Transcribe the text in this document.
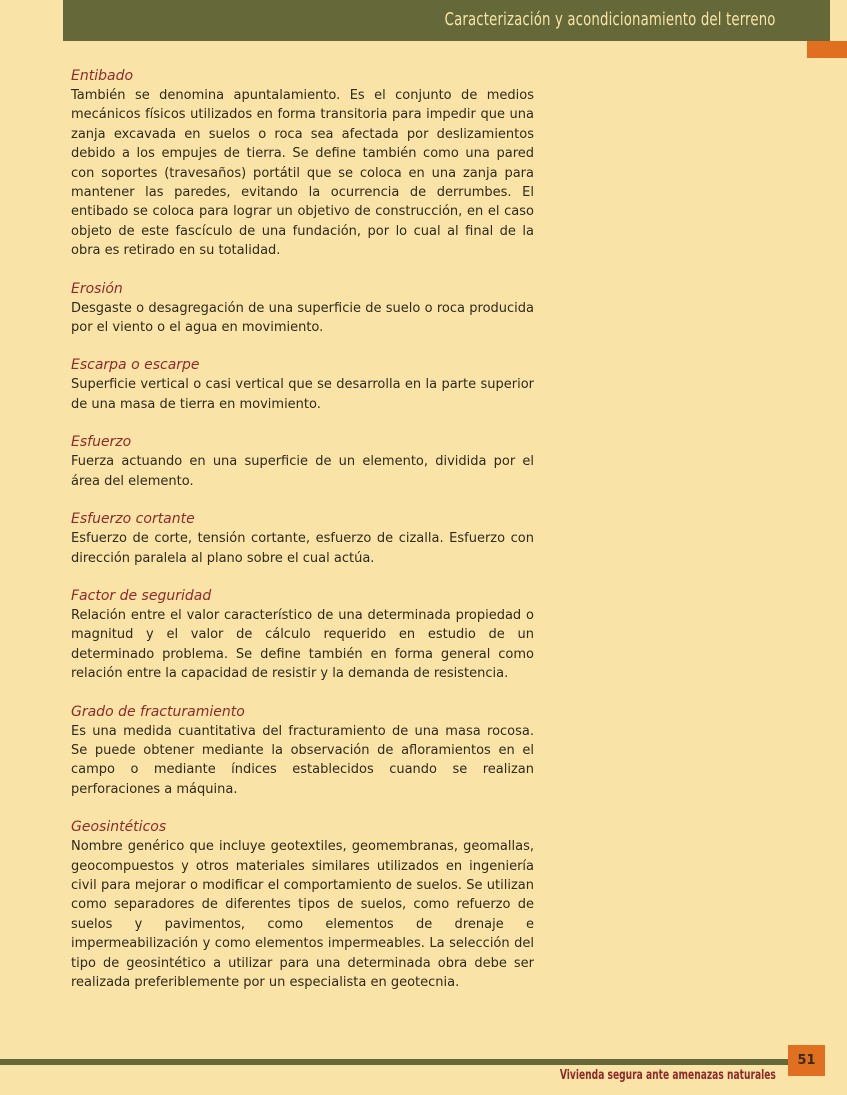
Caracterización y acondicionamiento del terreno
Entibado
También se denomina apuntalamiento. Es el conjunto de medios mecánicos físicos utilizados en forma transitoria para impedir que una zanja excavada en suelos o roca sea afectada por deslizamientos debido a los empujes de tierra. Se define también como una pared con soportes (travesaños) portátil que se coloca en una zanja para mantener las paredes, evitando la ocurrencia de derrumbes. El entibado se coloca para lograr un objetivo de construcción, en el caso objeto de este fascículo de una fundación, por lo cual al final de la obra es retirado en su totalidad.
Erosión
Desgaste o desagregación de una superficie de suelo o roca producida por el viento o el agua en movimiento.
Escarpa o escarpe
Superficie vertical o casi vertical que se desarrolla en la parte superior de una masa de tierra en movimiento.
Esfuerzo
Fuerza actuando en una superficie de un elemento, dividida por el área del elemento.
Esfuerzo cortante
Esfuerzo de corte, tensión cortante, esfuerzo de cizalla. Esfuerzo con dirección paralela al plano sobre el cual actúa.
Factor de seguridad
Relación entre el valor característico de una determinada propiedad o magnitud y el valor de cálculo requerido en estudio de un determinado problema. Se define también en forma general como relación entre la capacidad de resistir y la demanda de resistencia.
Grado de fracturamiento
Es una medida cuantitativa del fracturamiento de una masa rocosa. Se puede obtener mediante la observación de afloramientos en el campo o mediante índices establecidos cuando se realizan perforaciones a máquina.
Geosintéticos
Nombre genérico que incluye geotextiles, geomembranas, geomallas, geocompuestos y otros materiales similares utilizados en ingeniería civil para mejorar o modificar el comportamiento de suelos. Se utilizan como separadores de diferentes tipos de suelos, como refuerzo de suelos y pavimentos, como elementos de drenaje e impermeabilización y como elementos impermeables. La selección del tipo de geosintético a utilizar para una determinada obra debe ser realizada preferiblemente por un especialista en geotecnia.
51
Vivienda segura ante amenazas naturales
